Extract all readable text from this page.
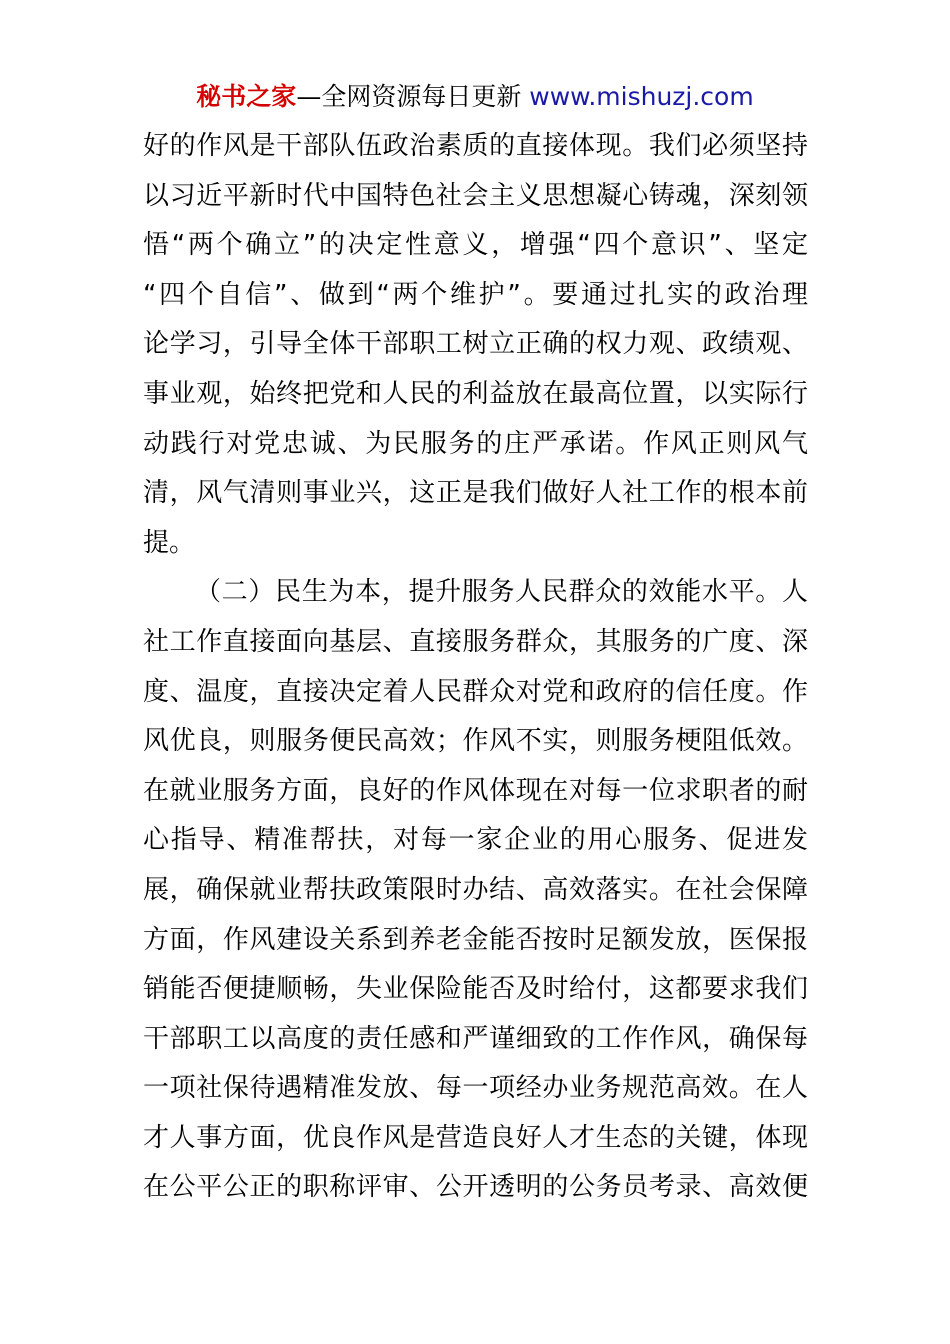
秘书之家—全网资源每日更新 www.mishuzj.com
好的作风是干部队伍政治素质的直接体现。我们必须坚持
以习近平新时代中国特色社会主义思想凝心铸魂，深刻领
悟“两个确立”的决定性意义，增强“四个意识”、坚定
“四个自信”、做到“两个维护”。要通过扎实的政治理
论学习，引导全体干部职工树立正确的权力观、政绩观、
事业观，始终把党和人民的利益放在最高位置，以实际行
动践行对党忠诚、为民服务的庄严承诺。作风正则风气
清，风气清则事业兴，这正是我们做好人社工作的根本前
提。
（二）民生为本，提升服务人民群众的效能水平。人
社工作直接面向基层、直接服务群众，其服务的广度、深
度、温度，直接决定着人民群众对党和政府的信任度。作
风优良，则服务便民高效；作风不实，则服务梗阻低效。
在就业服务方面，良好的作风体现在对每一位求职者的耐
心指导、精准帮扶，对每一家企业的用心服务、促进发
展，确保就业帮扶政策限时办结、高效落实。在社会保障
方面，作风建设关系到养老金能否按时足额发放，医保报
销能否便捷顺畅，失业保险能否及时给付，这都要求我们
干部职工以高度的责任感和严谨细致的工作作风，确保每
一项社保待遇精准发放、每一项经办业务规范高效。在人
才人事方面，优良作风是营造良好人才生态的关键，体现
在公平公正的职称评审、公开透明的公务员考录、高效便
